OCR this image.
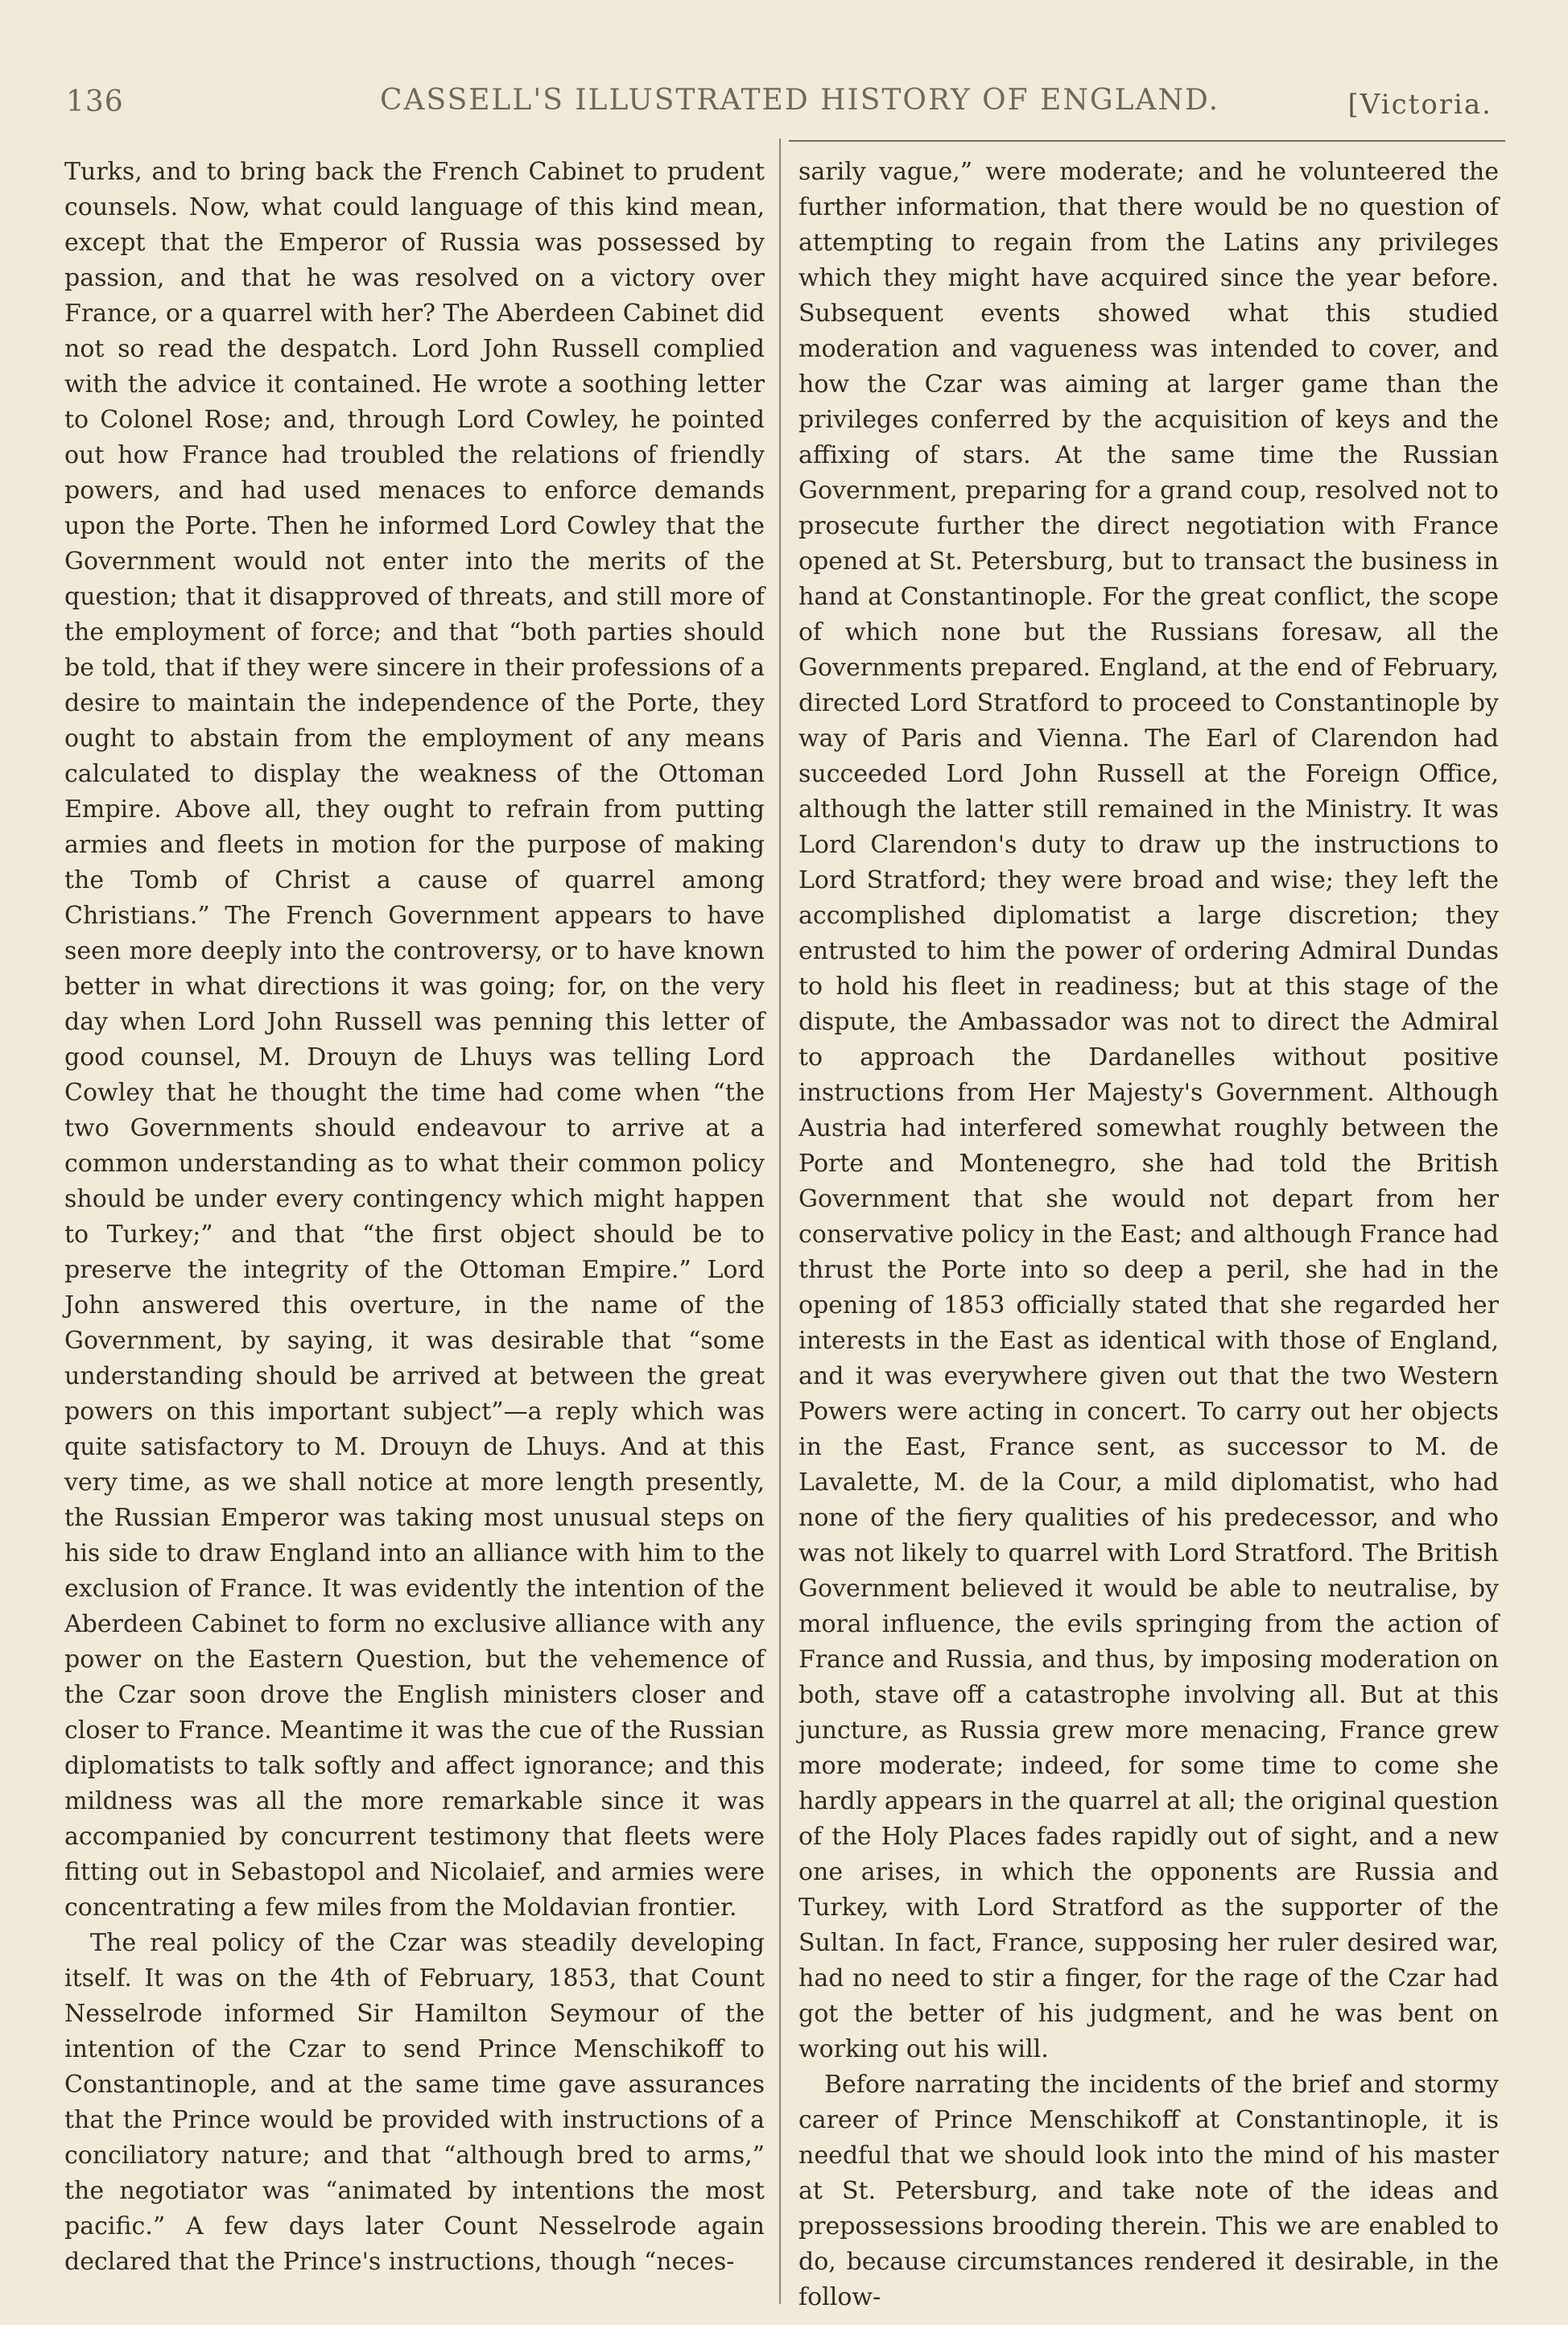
136	CASSELL'S ILLUSTRATED HISTORY OF ENGLAND.	[Victoria.

Turks, and to bring back the French Cabinet to prudent counsels. Now, what could language of this kind mean, except that the Emperor of Russia was possessed by passion, and that he was resolved on a victory over France, or a quarrel with her? The Aberdeen Cabinet did not so read the despatch. Lord John Russell complied with the advice it contained. He wrote a soothing letter to Colonel Rose; and, through Lord Cowley, he pointed out how France had troubled the relations of friendly powers, and had used menaces to enforce demands upon the Porte. Then he informed Lord Cowley that the Government would not enter into the merits of the question; that it disapproved of threats, and still more of the employment of force; and that “both parties should be told, that if they were sincere in their professions of a desire to maintain the independence of the Porte, they ought to abstain from the employment of any means calculated to display the weakness of the Ottoman Empire. Above all, they ought to refrain from putting armies and fleets in motion for the purpose of making the Tomb of Christ a cause of quarrel among Christians.” The French Government appears to have seen more deeply into the controversy, or to have known better in what directions it was going; for, on the very day when Lord John Russell was penning this letter of good counsel, M. Drouyn de Lhuys was telling Lord Cowley that he thought the time had come when “the two Governments should endeavour to arrive at a common understanding as to what their common policy should be under every contingency which might happen to Turkey;” and that “the first object should be to preserve the integrity of the Ottoman Empire.” Lord John answered this overture, in the name of the Government, by saying, it was desirable that “some understanding should be arrived at between the great powers on this important subject”—a reply which was quite satisfactory to M. Drouyn de Lhuys. And at this very time, as we shall notice at more length presently, the Russian Emperor was taking most unusual steps on his side to draw England into an alliance with him to the exclusion of France. It was evidently the intention of the Aberdeen Cabinet to form no exclusive alliance with any power on the Eastern Question, but the vehemence of the Czar soon drove the English ministers closer and closer to France. Meantime it was the cue of the Russian diplomatists to talk softly and affect ignorance; and this mildness was all the more remarkable since it was accompanied by concurrent testimony that fleets were fitting out in Sebastopol and Nicolaief, and armies were concentrating a few miles from the Moldavian frontier.

The real policy of the Czar was steadily developing itself. It was on the 4th of February, 1853, that Count Nesselrode informed Sir Hamilton Seymour of the intention of the Czar to send Prince Menschikoff to Constantinople, and at the same time gave assurances that the Prince would be provided with instructions of a conciliatory nature; and that “although bred to arms,” the negotiator was “animated by intentions the most pacific.” A few days later Count Nesselrode again declared that the Prince's instructions, though “neces-

sarily vague,” were moderate; and he volunteered the further information, that there would be no question of attempting to regain from the Latins any privileges which they might have acquired since the year before. Subsequent events showed what this studied moderation and vagueness was intended to cover, and how the Czar was aiming at larger game than the privileges conferred by the acquisition of keys and the affixing of stars. At the same time the Russian Government, preparing for a grand coup, resolved not to prosecute further the direct negotiation with France opened at St. Petersburg, but to transact the business in hand at Constantinople. For the great conflict, the scope of which none but the Russians foresaw, all the Governments prepared. England, at the end of February, directed Lord Stratford to proceed to Constantinople by way of Paris and Vienna. The Earl of Clarendon had succeeded Lord John Russell at the Foreign Office, although the latter still remained in the Ministry. It was Lord Clarendon's duty to draw up the instructions to Lord Stratford; they were broad and wise; they left the accomplished diplomatist a large discretion; they entrusted to him the power of ordering Admiral Dundas to hold his fleet in readiness; but at this stage of the dispute, the Ambassador was not to direct the Admiral to approach the Dardanelles without positive instructions from Her Majesty's Government. Although Austria had interfered somewhat roughly between the Porte and Montenegro, she had told the British Government that she would not depart from her conservative policy in the East; and although France had thrust the Porte into so deep a peril, she had in the opening of 1853 officially stated that she regarded her interests in the East as identical with those of England, and it was everywhere given out that the two Western Powers were acting in concert. To carry out her objects in the East, France sent, as successor to M. de Lavalette, M. de la Cour, a mild diplomatist, who had none of the fiery qualities of his predecessor, and who was not likely to quarrel with Lord Stratford. The British Government believed it would be able to neutralise, by moral influence, the evils springing from the action of France and Russia, and thus, by imposing moderation on both, stave off a catastrophe involving all. But at this juncture, as Russia grew more menacing, France grew more moderate; indeed, for some time to come she hardly appears in the quarrel at all; the original question of the Holy Places fades rapidly out of sight, and a new one arises, in which the opponents are Russia and Turkey, with Lord Stratford as the supporter of the Sultan. In fact, France, supposing her ruler desired war, had no need to stir a finger, for the rage of the Czar had got the better of his judgment, and he was bent on working out his will.

Before narrating the incidents of the brief and stormy career of Prince Menschikoff at Constantinople, it is needful that we should look into the mind of his master at St. Petersburg, and take note of the ideas and prepossessions brooding therein. This we are enabled to do, because circumstances rendered it desirable, in the follow-
